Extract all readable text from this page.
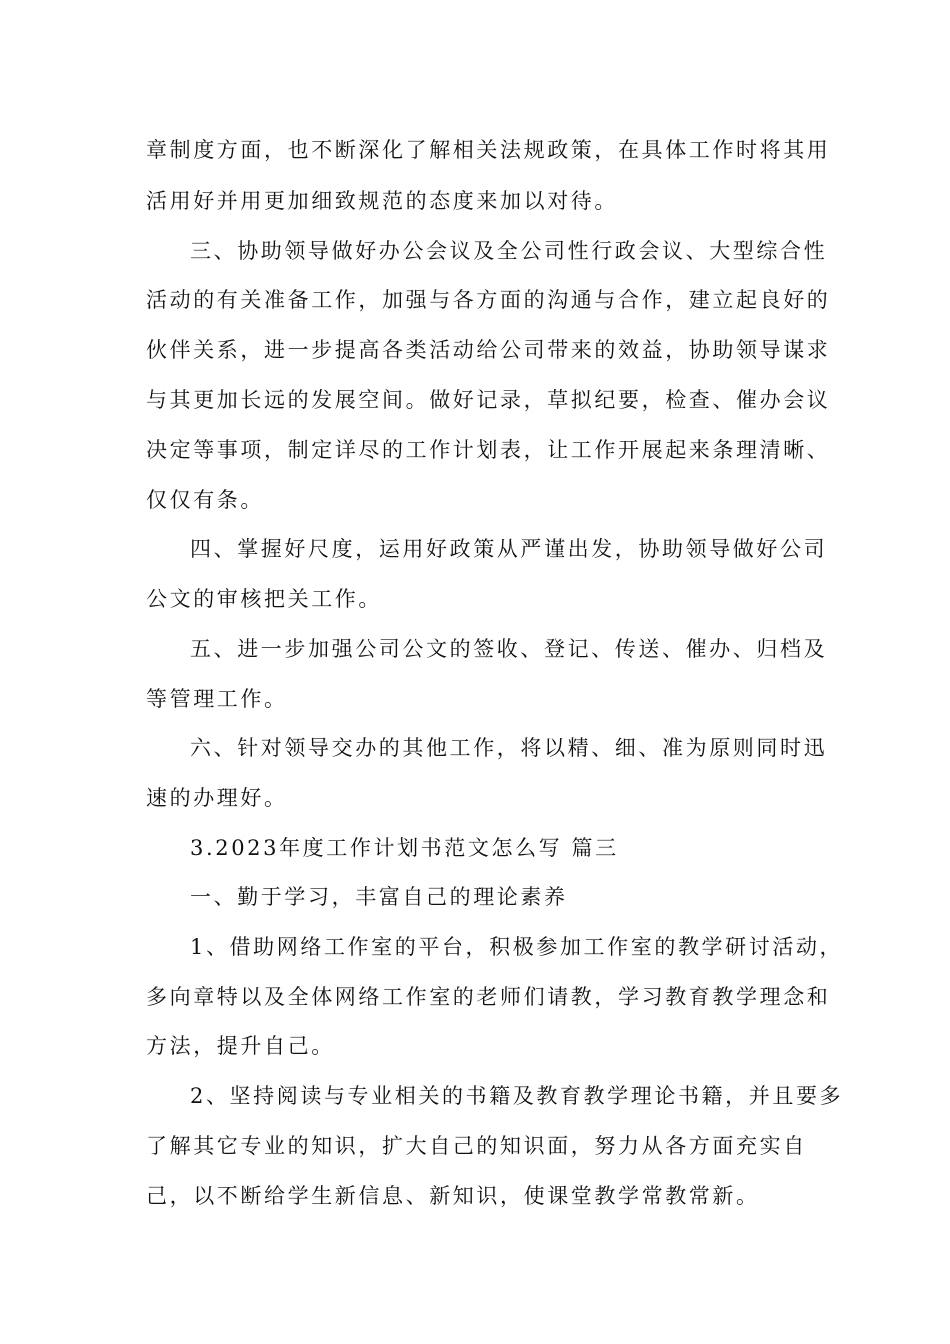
章制度方面，也不断深化了解相关法规政策，在具体工作时将其用
活用好并用更加细致规范的态度来加以对待。
三、协助领导做好办公会议及全公司性行政会议、大型综合性
活动的有关准备工作，加强与各方面的沟通与合作，建立起良好的
伙伴关系，进一步提高各类活动给公司带来的效益，协助领导谋求
与其更加长远的发展空间。做好记录，草拟纪要，检查、催办会议
决定等事项，制定详尽的工作计划表，让工作开展起来条理清晰、
仅仅有条。
四、掌握好尺度，运用好政策从严谨出发，协助领导做好公司
公文的审核把关工作。
五、进一步加强公司公文的签收、登记、传送、催办、归档及
等管理工作。
六、针对领导交办的其他工作，将以精、细、准为原则同时迅
速的办理好。
3.2023年度工作计划书范文怎么写 篇三
一、勤于学习，丰富自己的理论素养
1、借助网络工作室的平台，积极参加工作室的教学研讨活动，
多向章特以及全体网络工作室的老师们请教，学习教育教学理念和
方法，提升自己。
2、坚持阅读与专业相关的书籍及教育教学理论书籍，并且要多
了解其它专业的知识，扩大自己的知识面，努力从各方面充实自
己，以不断给学生新信息、新知识，使课堂教学常教常新。
